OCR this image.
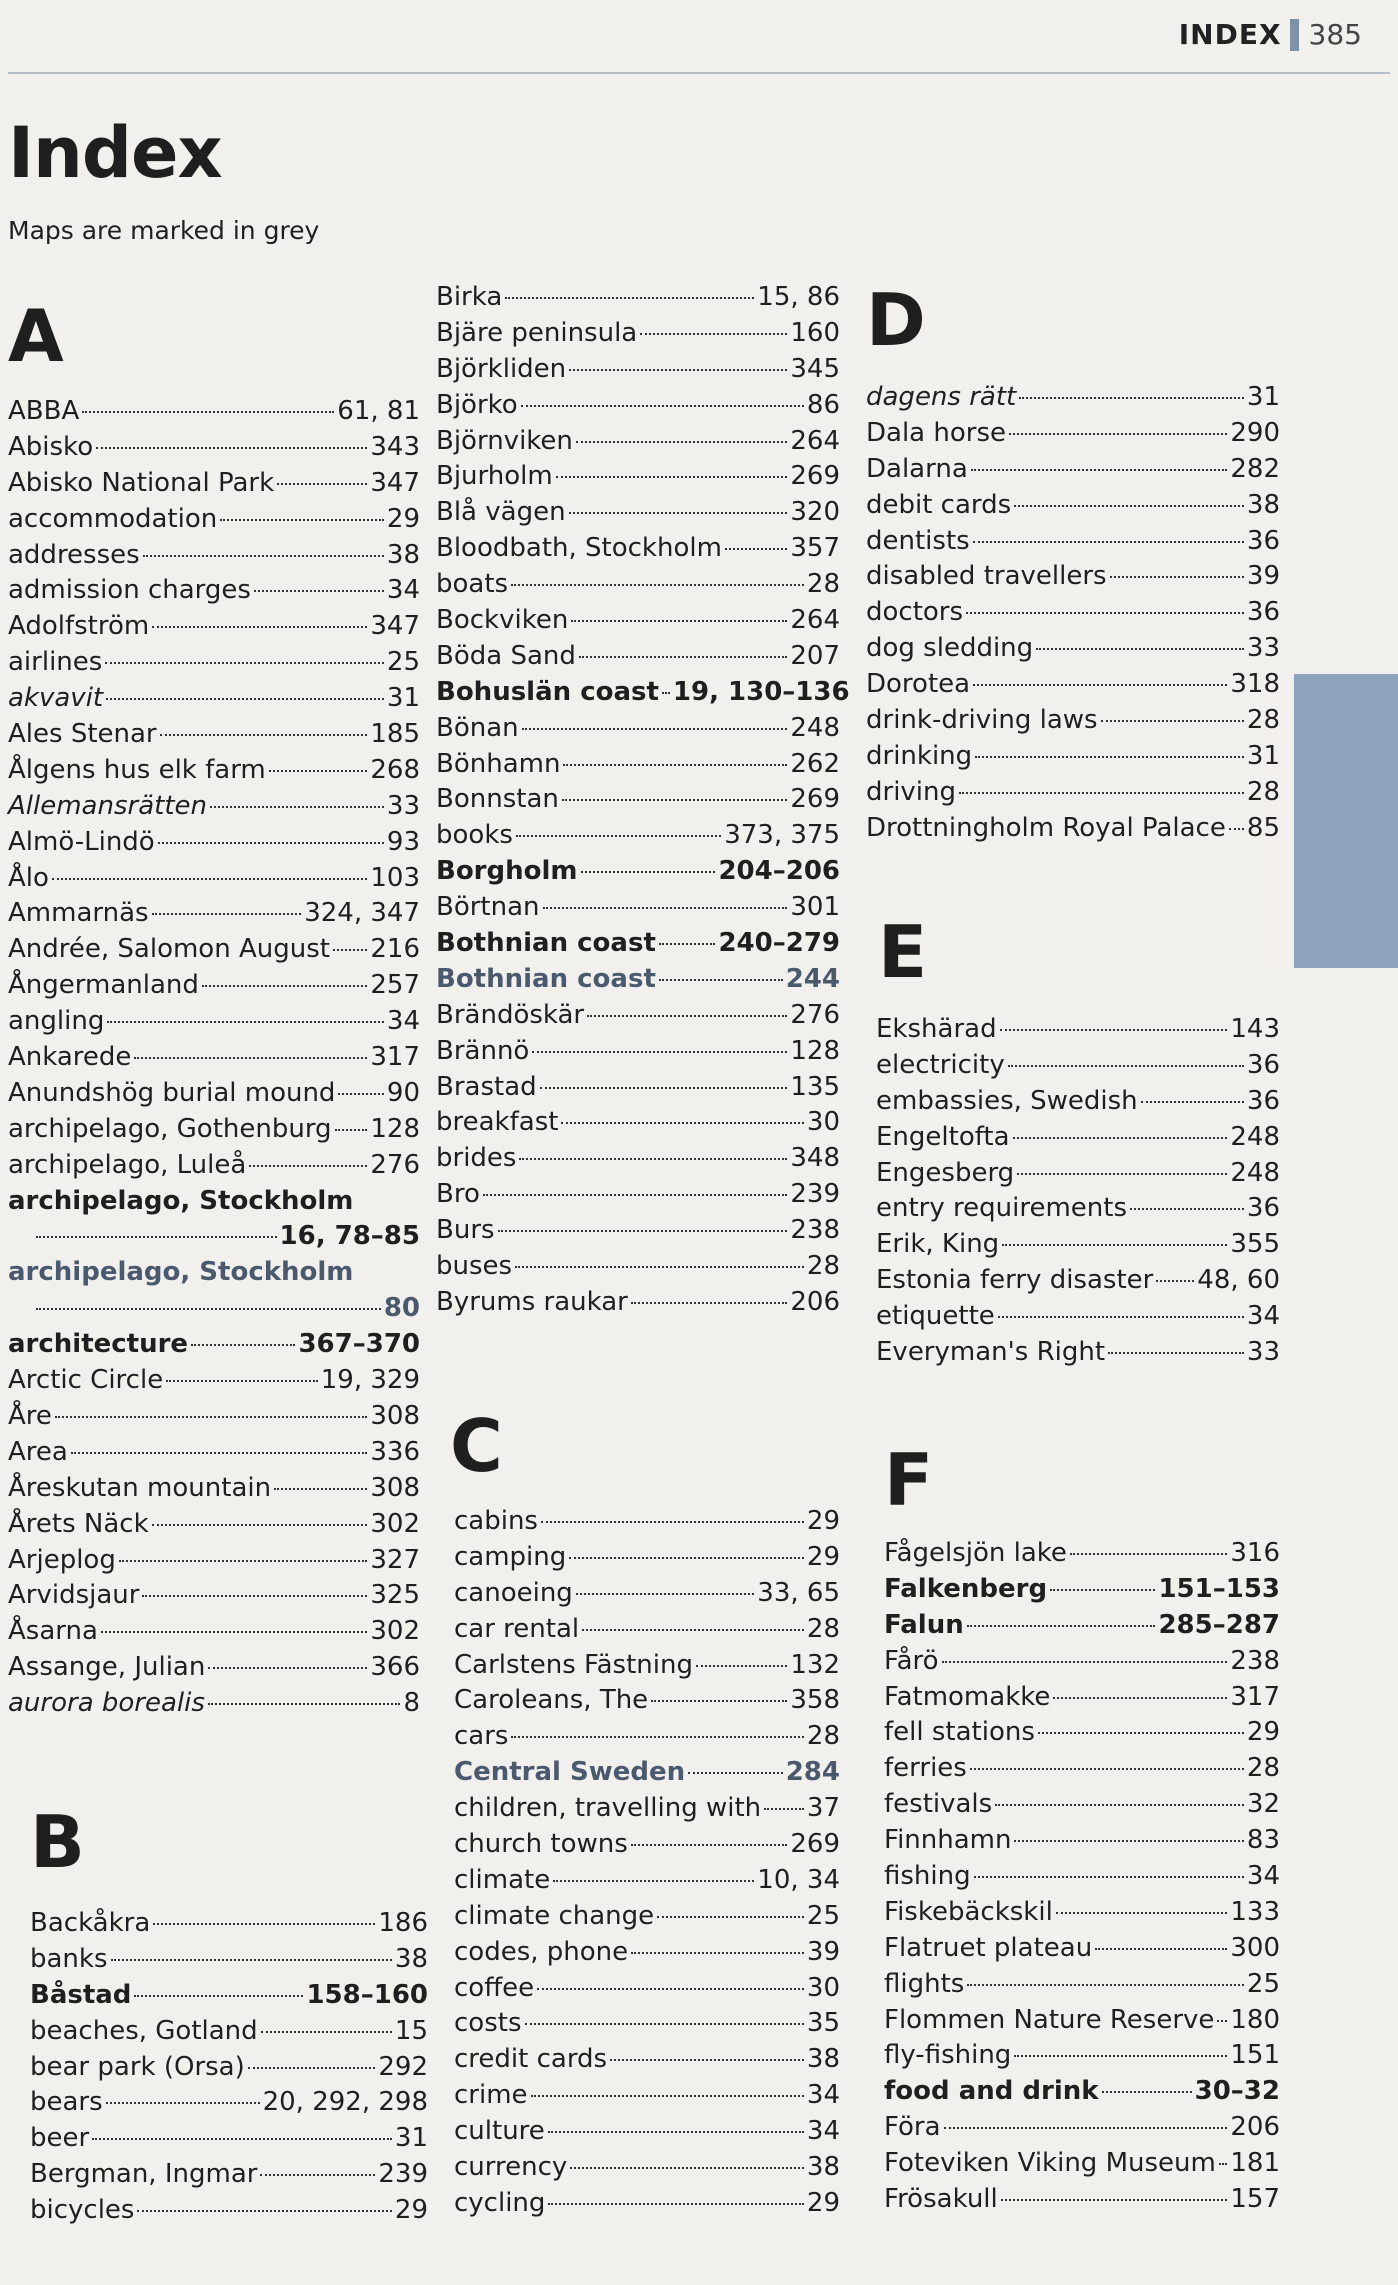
INDEX 385
Index
Maps are marked in grey
A
ABBA	61, 81
Abisko	343
Abisko National Park	347
accommodation	29
addresses	38
admission charges	34
Adolfström	347
airlines	25
akvavit	31
Ales Stenar	185
Ålgens hus elk farm	268
Allemansrätten	33
Almö-Lindö	93
Ålo	103
Ammarnäs	324, 347
Andrée, Salomon August 216
Ångermanland	257
angling	34
Ankarede	317
Anundshög burial mound 90
archipelago, Gothenburg 128
archipelago, Luleå	276
archipelago, Stockholm
16, 78–85
archipelago, Stockholm
80
architecture	367–370
Arctic Circle	19, 329
Åre	308
Area	336
Åreskutan mountain	308
Årets Näck	302
Arjeplog	327
Arvidsjaur	325
Åsarna	302
Assange, Julian	366
aurora borealis	8
B
Backåkra	186
banks	38
Båstad	158–160
beaches, Gotland	15
bear park (Orsa)	292
bears	20, 292, 298
beer	31
Bergman, Ingmar	239
bicycles	29
Birka	15, 86
Bjäre peninsula	160
Björkliden	345
Björko	86
Björnviken	264
Bjurholm	269
Blå vägen	320
Bloodbath, Stockholm	357
boats	28
Bockviken	264
Böda Sand	207
Bohuslän coast 19, 130–136
Bönan	248
Bönhamn	262
Bonnstan	269
books	373, 375
Borgholm	204–206
Börtnan	301
Bothnian coast 240–279
Bothnian coast	244
Brändöskär	276
Brännö	128
Brastad	135
breakfast	30
brides	348
Bro	239
Burs	238
buses	28
Byrums raukar	206
C
cabins	29
camping	29
canoeing	33, 65
car rental	28
Carlstens Fästning	132
Caroleans, The	358
cars	28
Central Sweden	284
children, travelling with 37
church towns	269
climate	10, 34
climate change	25
codes, phone	39
coffee	30
costs	35
credit cards	38
crime	34
culture	34
currency	38
cycling	29
D
dagens rätt	31
Dala horse	290
Dalarna	282
debit cards	38
dentists	36
disabled travellers	39
doctors	36
dog sledding	33
Dorotea	318
drink-driving laws	28
drinking	31
driving	28
Drottningholm Royal Palace 85
E
Ekshärad	143
electricity	36
embassies, Swedish	36
Engeltofta	248
Engesberg	248
entry requirements	36
Erik, King	355
Estonia ferry disaster 48, 60
etiquette	34
Everyman's Right	33
F
Fågelsjön lake	316
Falkenberg	151–153
Falun	285–287
Fårö	238
Fatmomakke	317
fell stations	29
ferries	28
festivals	32
Finnhamn	83
fishing	34
Fiskebäckskil	133
Flatruet plateau	300
flights	25
Flommen Nature Reserve 180
fly-fishing	151
food and drink	30–32
Föra	206
Foteviken Viking Museum 181
Frösakull	157
